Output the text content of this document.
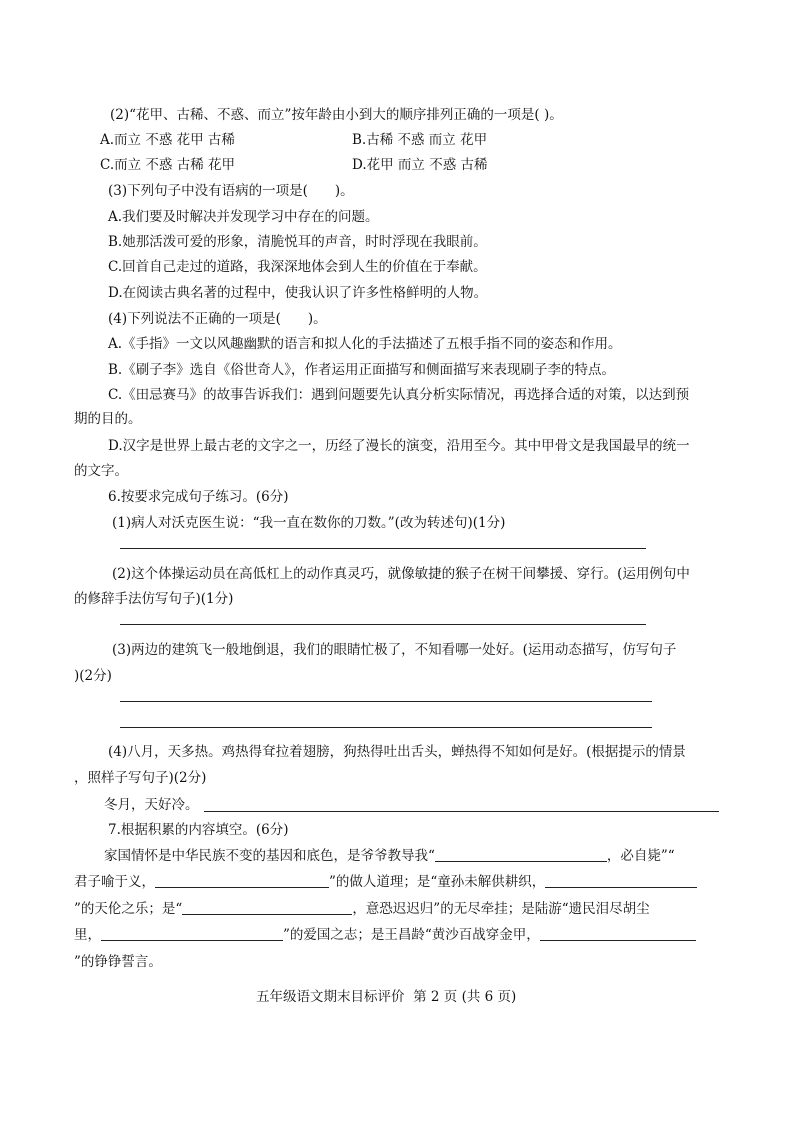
(2)“花甲、古稀、不惑、而立”按年龄由小到大的顺序排列正确的一项是( )。
A.而立 不惑 花甲 古稀	B.古稀 不惑 而立 花甲
C.而立 不惑 古稀 花甲	D.花甲 而立 不惑 古稀
(3)下列句子中没有语病的一项是(　　)。
A.我们要及时解决并发现学习中存在的问题。
B.她那活泼可爱的形象，清脆悦耳的声音，时时浮现在我眼前。
C.回首自己走过的道路，我深深地体会到人生的价值在于奉献。
D.在阅读古典名著的过程中，使我认识了许多性格鲜明的人物。
(4)下列说法不正确的一项是(　　)。
A.《手指》一文以风趣幽默的语言和拟人化的手法描述了五根手指不同的姿态和作用。
B.《刷子李》选自《俗世奇人》，作者运用正面描写和侧面描写来表现刷子李的特点。
C.《田忌赛马》的故事告诉我们：遇到问题要先认真分析实际情况，再选择合适的对策，以达到预
期的目的。
D.汉字是世界上最古老的文字之一，历经了漫长的演变，沿用至今。其中甲骨文是我国最早的统一
的文字。
6.按要求完成句子练习。(6分)
(1)病人对沃克医生说：“我一直在数你的刀数。”(改为转述句)(1分)
(2)这个体操运动员在高低杠上的动作真灵巧，就像敏捷的猴子在树干间攀援、穿行。(运用例句中
的修辞手法仿写句子)(1分)
(3)两边的建筑飞一般地倒退，我们的眼睛忙极了，不知看哪一处好。(运用动态描写，仿写句子
)(2分)
(4)八月，天多热。鸡热得耷拉着翅膀，狗热得吐出舌头，蝉热得不知如何是好。(根据提示的情景
，照样子写句子)(2分)
冬月，天好冷。
7.根据积累的内容填空。(6分)
家国情怀是中华民族不变的基因和底色，是爷爷教导我“	，必自毙”“
君子喻于义，	”的做人道理；是“童孙未解供耕织，
”的天伦之乐；是“	，意恐迟迟归”的无尽牵挂；是陆游“遗民泪尽胡尘
里，	”的爱国之志；是王昌龄“黄沙百战穿金甲，
”的铮铮誓言。
五年级语文期末目标评价 第 2 页 (共 6 页)
